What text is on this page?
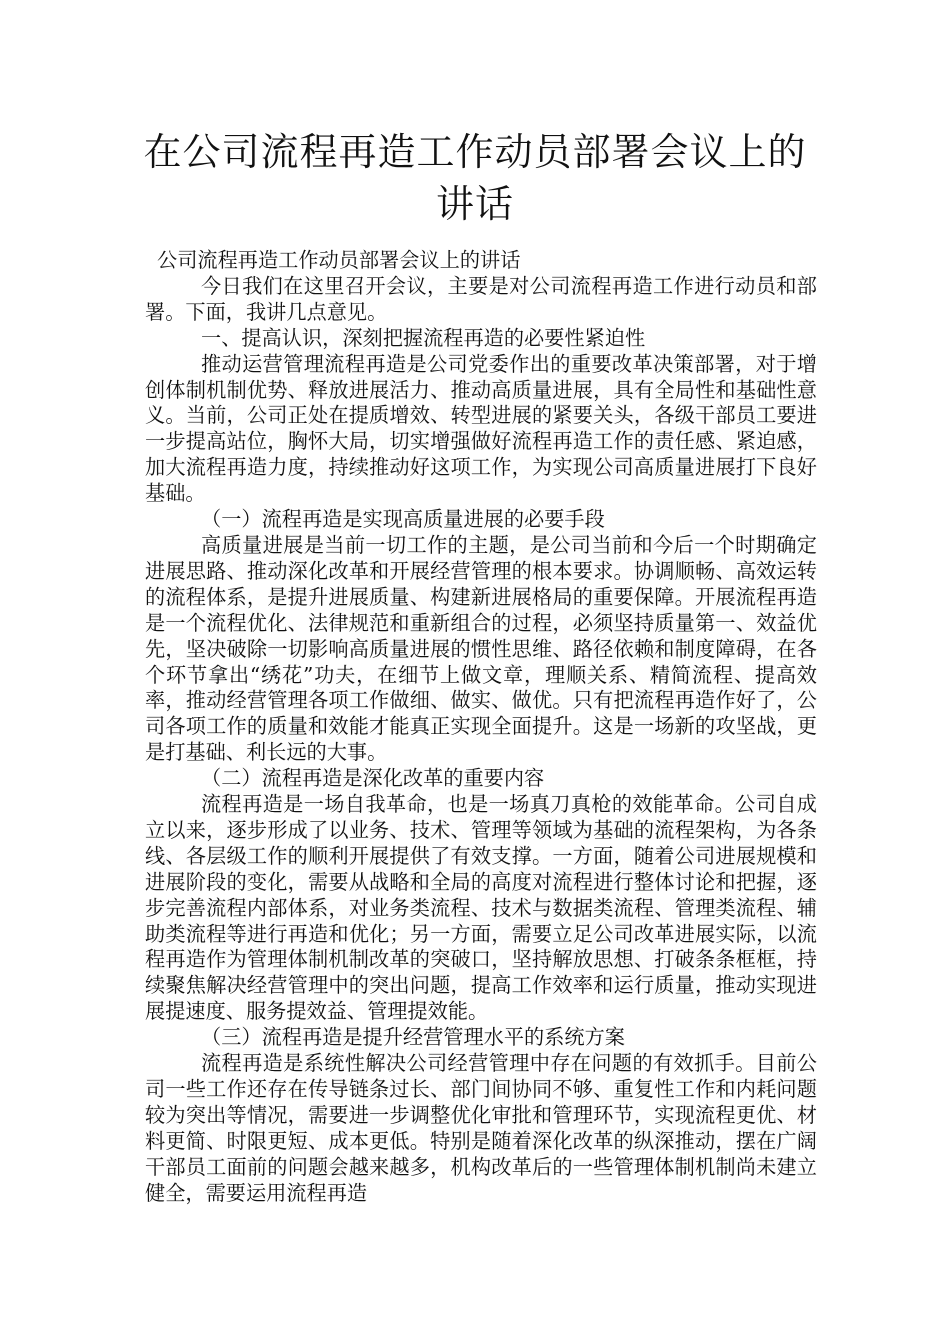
在公司流程再造工作动员部署会议上的讲话

公司流程再造工作动员部署会议上的讲话

今日我们在这里召开会议，主要是对公司流程再造工作进行动员和部署。下面，我讲几点意见。

一、提高认识，深刻把握流程再造的必要性紧迫性

推动运营管理流程再造是公司党委作出的重要改革决策部署，对于增创体制机制优势、释放进展活力、推动高质量进展，具有全局性和基础性意义。当前，公司正处在提质增效、转型进展的紧要关头，各级干部员工要进一步提高站位，胸怀大局，切实增强做好流程再造工作的责任感、紧迫感，加大流程再造力度，持续推动好这项工作，为实现公司高质量进展打下良好基础。

（一）流程再造是实现高质量进展的必要手段

高质量进展是当前一切工作的主题，是公司当前和今后一个时期确定进展思路、推动深化改革和开展经营管理的根本要求。协调顺畅、高效运转的流程体系，是提升进展质量、构建新进展格局的重要保障。开展流程再造是一个流程优化、法律规范和重新组合的过程，必须坚持质量第一、效益优先，坚决破除一切影响高质量进展的惯性思维、路径依赖和制度障碍，在各个环节拿出“绣花”功夫，在细节上做文章，理顺关系、精简流程、提高效率，推动经营管理各项工作做细、做实、做优。只有把流程再造作好了，公司各项工作的质量和效能才能真正实现全面提升。这是一场新的攻坚战，更是打基础、利长远的大事。

（二）流程再造是深化改革的重要内容

流程再造是一场自我革命，也是一场真刀真枪的效能革命。公司自成立以来，逐步形成了以业务、技术、管理等领域为基础的流程架构，为各条线、各层级工作的顺利开展提供了有效支撑。一方面，随着公司进展规模和进展阶段的变化，需要从战略和全局的高度对流程进行整体讨论和把握，逐步完善流程内部体系，对业务类流程、技术与数据类流程、管理类流程、辅助类流程等进行再造和优化；另一方面，需要立足公司改革进展实际，以流程再造作为管理体制机制改革的突破口，坚持解放思想、打破条条框框，持续聚焦解决经营管理中的突出问题，提高工作效率和运行质量，推动实现进展提速度、服务提效益、管理提效能。

（三）流程再造是提升经营管理水平的系统方案

流程再造是系统性解决公司经营管理中存在问题的有效抓手。目前公司一些工作还存在传导链条过长、部门间协同不够、重复性工作和内耗问题较为突出等情况，需要进一步调整优化审批和管理环节，实现流程更优、材料更简、时限更短、成本更低。特别是随着深化改革的纵深推动，摆在广阔干部员工面前的问题会越来越多，机构改革后的一些管理体制机制尚未建立健全，需要运用流程再造
